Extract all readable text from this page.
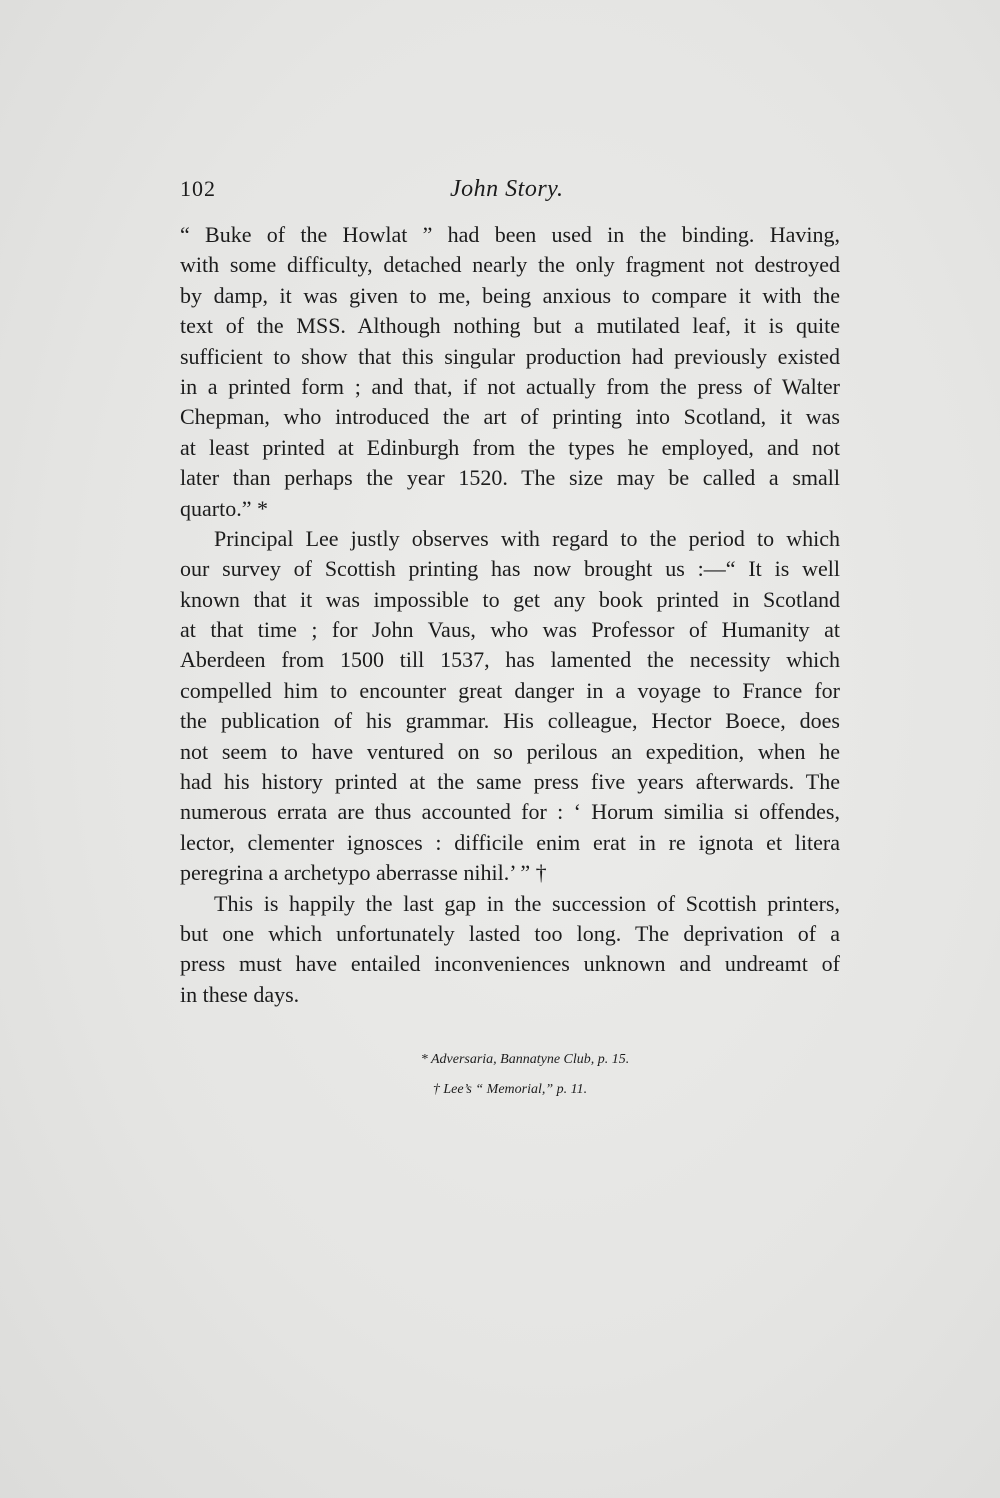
102	John Story.
“ Buke of the Howlat ” had been used in the binding. Having,
with some difficulty, detached nearly the only fragment not destroyed
by damp, it was given to me, being anxious to compare it with the
text of the MSS. Although nothing but a mutilated leaf, it is quite
sufficient to show that this singular production had previously existed
in a printed form ; and that, if not actually from the press of Walter
Chepman, who introduced the art of printing into Scotland, it was
at least printed at Edinburgh from the types he employed, and not
later than perhaps the year 1520. The size may be called a small
quarto.” *
Principal Lee justly observes with regard to the period to which
our survey of Scottish printing has now brought us :—“ It is well
known that it was impossible to get any book printed in Scotland
at that time ; for John Vaus, who was Professor of Humanity at
Aberdeen from 1500 till 1537, has lamented the necessity which
compelled him to encounter great danger in a voyage to France for
the publication of his grammar. His colleague, Hector Boece, does
not seem to have ventured on so perilous an expedition, when he
had his history printed at the same press five years afterwards. The
numerous errata are thus accounted for : ‘ Horum similia si offendes,
lector, clementer ignosces : difficile enim erat in re ignota et litera
peregrina a archetypo aberrasse nihil.’ ” †
This is happily the last gap in the succession of Scottish printers,
but one which unfortunately lasted too long. The deprivation of a
press must have entailed inconveniences unknown and undreamt of
in these days.
* Adversaria, Bannatyne Club, p. 15.
† Lee’s “ Memorial,” p. 11.
